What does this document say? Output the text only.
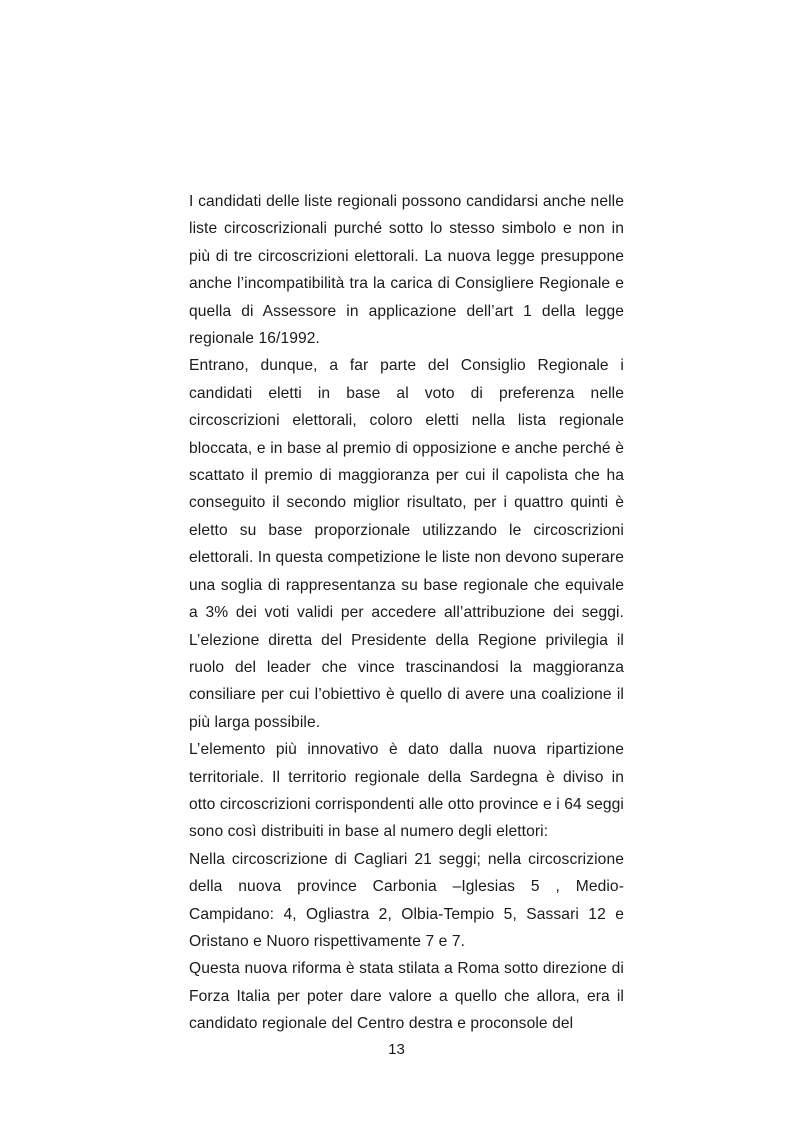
I candidati delle liste regionali possono candidarsi anche nelle liste circoscrizionali purché sotto lo stesso simbolo e non in più di tre circoscrizioni elettorali. La nuova legge presuppone anche l’incompatibilità tra la carica di Consigliere Regionale e quella di Assessore in applicazione dell’art 1 della legge regionale 16/1992.

Entrano, dunque, a far parte del Consiglio Regionale i candidati eletti in base al voto di preferenza nelle circoscrizioni elettorali, coloro eletti nella lista regionale bloccata, e in base al premio di opposizione e anche perché è scattato il premio di maggioranza per cui il capolista che ha conseguito il secondo miglior risultato, per i quattro quinti è eletto su base proporzionale utilizzando le circoscrizioni elettorali. In questa competizione le liste non devono superare una soglia di rappresentanza su base regionale che equivale a 3% dei voti validi per accedere all’attribuzione dei seggi. L’elezione diretta del Presidente della Regione privilegia il ruolo del leader che vince trascinandosi la maggioranza consiliare per cui l’obiettivo è quello di avere una coalizione il più larga possibile.

L’elemento più innovativo è dato dalla nuova ripartizione territoriale. Il territorio regionale della Sardegna è diviso in otto circoscrizioni corrispondenti alle otto province e i 64 seggi sono così distribuiti in base al numero degli elettori:

Nella circoscrizione di Cagliari 21 seggi; nella circoscrizione della nuova province Carbonia –Iglesias 5 , Medio-Campidano: 4, Ogliastra 2, Olbia-Tempio 5, Sassari 12 e Oristano e Nuoro rispettivamente 7 e 7.

Questa nuova riforma è stata stilata a Roma sotto direzione di Forza Italia per poter dare valore a quello che allora, era il candidato regionale del Centro destra e proconsole del

13
